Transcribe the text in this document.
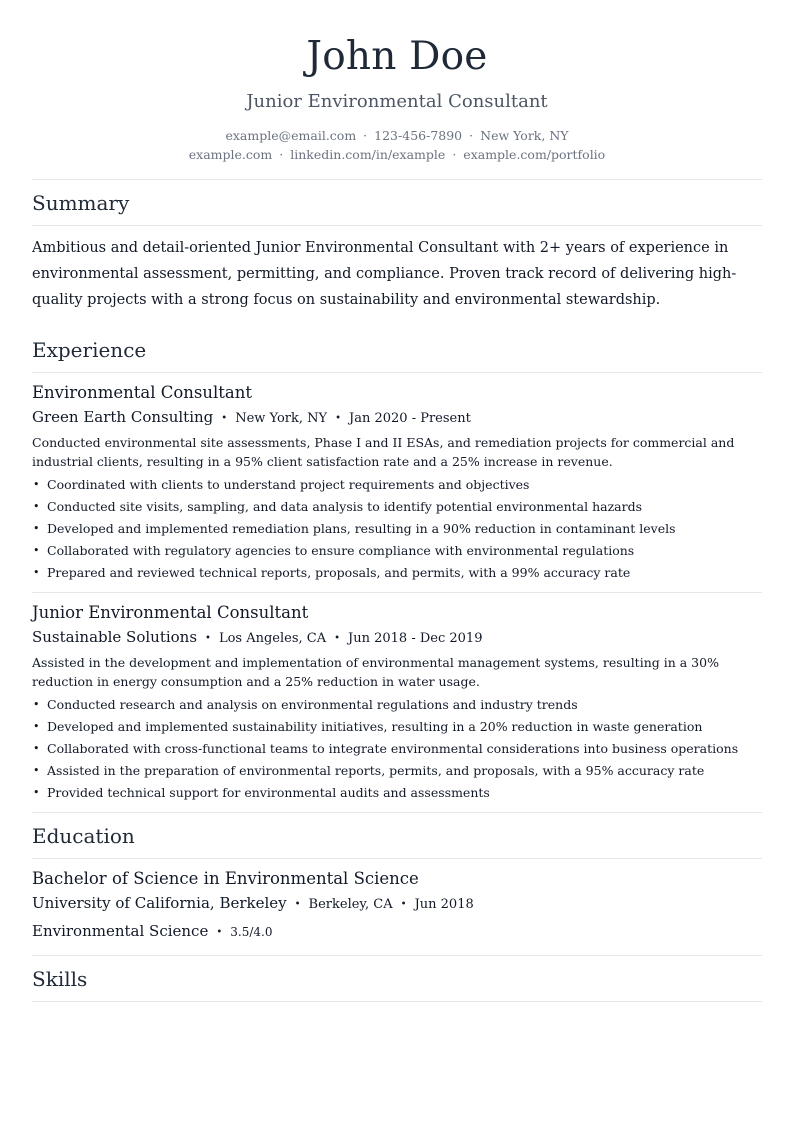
John Doe
Junior Environmental Consultant
example@email.com · 123-456-7890 · New York, NY
example.com · linkedin.com/in/example · example.com/portfolio
Summary
Ambitious and detail-oriented Junior Environmental Consultant with 2+ years of experience in environmental assessment, permitting, and compliance. Proven track record of delivering high-quality projects with a strong focus on sustainability and environmental stewardship.
Experience
Environmental Consultant
Green Earth Consulting • New York, NY • Jan 2020 - Present
Conducted environmental site assessments, Phase I and II ESAs, and remediation projects for commercial and industrial clients, resulting in a 95% client satisfaction rate and a 25% increase in revenue.
• Coordinated with clients to understand project requirements and objectives
• Conducted site visits, sampling, and data analysis to identify potential environmental hazards
• Developed and implemented remediation plans, resulting in a 90% reduction in contaminant levels
• Collaborated with regulatory agencies to ensure compliance with environmental regulations
• Prepared and reviewed technical reports, proposals, and permits, with a 99% accuracy rate
Junior Environmental Consultant
Sustainable Solutions • Los Angeles, CA • Jun 2018 - Dec 2019
Assisted in the development and implementation of environmental management systems, resulting in a 30% reduction in energy consumption and a 25% reduction in water usage.
• Conducted research and analysis on environmental regulations and industry trends
• Developed and implemented sustainability initiatives, resulting in a 20% reduction in waste generation
• Collaborated with cross-functional teams to integrate environmental considerations into business operations
• Assisted in the preparation of environmental reports, permits, and proposals, with a 95% accuracy rate
• Provided technical support for environmental audits and assessments
Education
Bachelor of Science in Environmental Science
University of California, Berkeley • Berkeley, CA • Jun 2018
Environmental Science • 3.5/4.0
Skills
